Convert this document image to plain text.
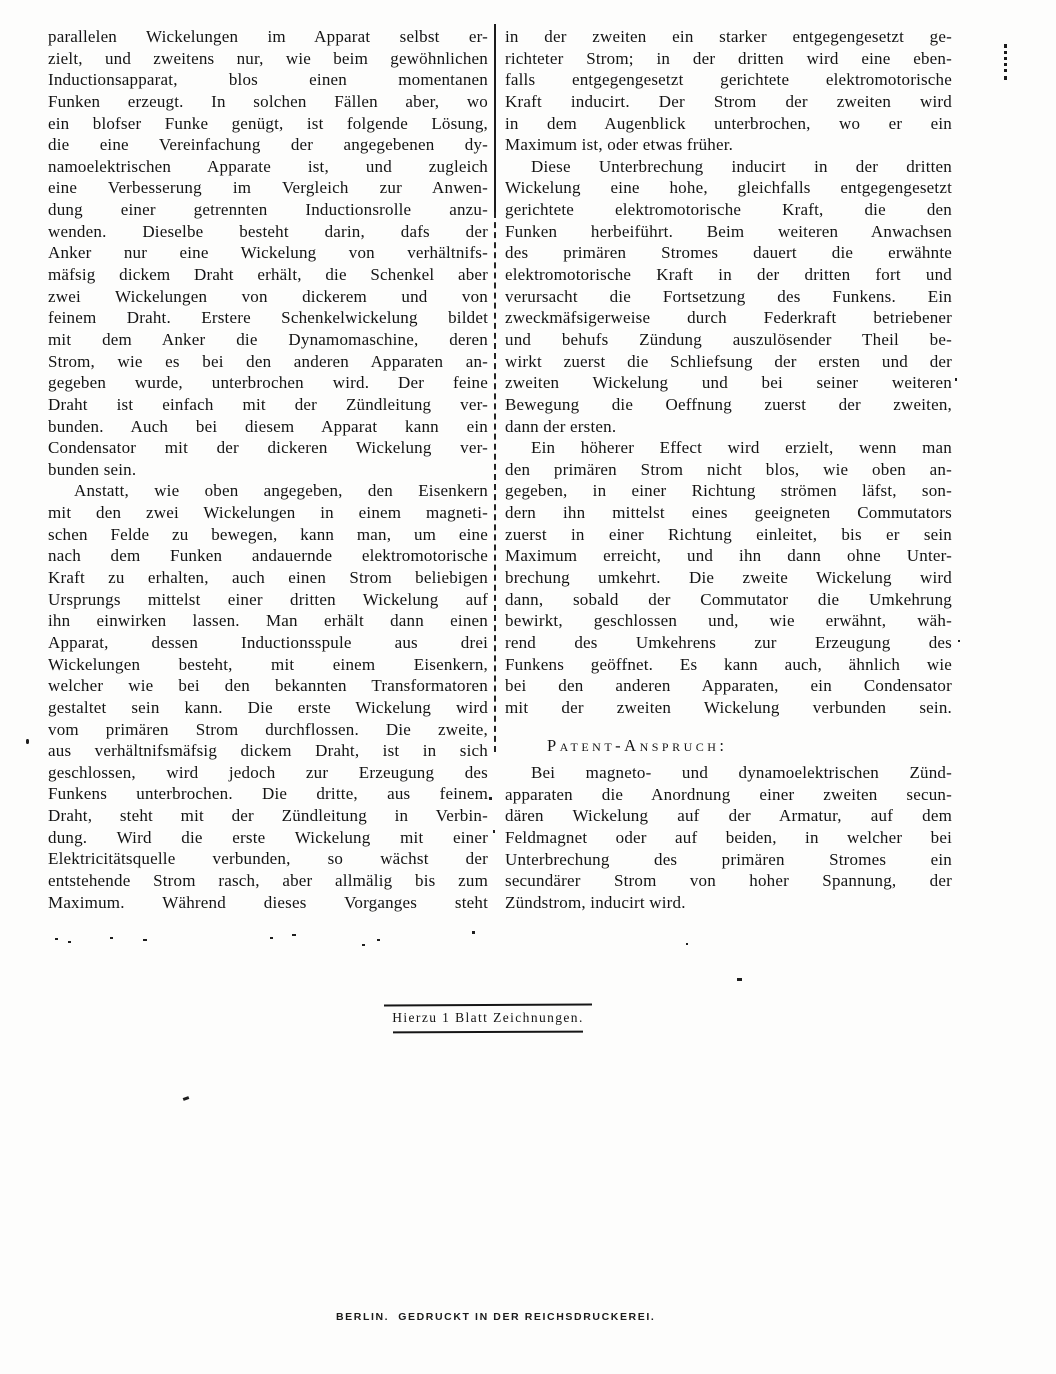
parallelen Wickelungen im Apparat selbst er-
zielt, und zweitens nur, wie beim gewöhnlichen
Inductionsapparat, blos einen momentanen
Funken erzeugt. In solchen Fällen aber, wo
ein blofser Funke genügt, ist folgende Lösung,
die eine Vereinfachung der angegebenen dy-
namoelektrischen Apparate ist, und zugleich
eine Verbesserung im Vergleich zur Anwen-
dung einer getrennten Inductionsrolle anzu-
wenden. Dieselbe besteht darin, dafs der
Anker nur eine Wickelung von verhältnifs-
mäfsig dickem Draht erhält, die Schenkel aber
zwei Wickelungen von dickerem und von
feinem Draht. Erstere Schenkelwickelung bildet
mit dem Anker die Dynamomaschine, deren
Strom, wie es bei den anderen Apparaten an-
gegeben wurde, unterbrochen wird. Der feine
Draht ist einfach mit der Zündleitung ver-
bunden. Auch bei diesem Apparat kann ein
Condensator mit der dickeren Wickelung ver-
bunden sein.
Anstatt, wie oben angegeben, den Eisenkern
mit den zwei Wickelungen in einem magneti-
schen Felde zu bewegen, kann man, um eine
nach dem Funken andauernde elektromotorische
Kraft zu erhalten, auch einen Strom beliebigen
Ursprungs mittelst einer dritten Wickelung auf
ihn einwirken lassen. Man erhält dann einen
Apparat, dessen Inductionsspule aus drei
Wickelungen besteht, mit einem Eisenkern,
welcher wie bei den bekannten Transformatoren
gestaltet sein kann. Die erste Wickelung wird
vom primären Strom durchflossen. Die zweite,
aus verhältnifsmäfsig dickem Draht, ist in sich
geschlossen, wird jedoch zur Erzeugung des
Funkens unterbrochen. Die dritte, aus feinem
Draht, steht mit der Zündleitung in Verbin-
dung. Wird die erste Wickelung mit einer
Elektricitätsquelle verbunden, so wächst der
entstehende Strom rasch, aber allmälig bis zum
Maximum. Während dieses Vorganges steht
in der zweiten ein starker entgegengesetzt ge-
richteter Strom; in der dritten wird eine eben-
falls entgegengesetzt gerichtete elektromotorische
Kraft inducirt. Der Strom der zweiten wird
in dem Augenblick unterbrochen, wo er ein
Maximum ist, oder etwas früher.
Diese Unterbrechung inducirt in der dritten
Wickelung eine hohe, gleichfalls entgegengesetzt
gerichtete elektromotorische Kraft, die den
Funken herbeiführt. Beim weiteren Anwachsen
des primären Stromes dauert die erwähnte
elektromotorische Kraft in der dritten fort und
verursacht die Fortsetzung des Funkens. Ein
zweckmäfsigerweise durch Federkraft betriebener
und behufs Zündung auszulösender Theil be-
wirkt zuerst die Schliefsung der ersten und der
zweiten Wickelung und bei seiner weiteren
Bewegung die Oeffnung zuerst der zweiten,
dann der ersten.
Ein höherer Effect wird erzielt, wenn man
den primären Strom nicht blos, wie oben an-
gegeben, in einer Richtung strömen läfst, son-
dern ihn mittelst eines geeigneten Commutators
zuerst in einer Richtung einleitet, bis er sein
Maximum erreicht, und ihn dann ohne Unter-
brechung umkehrt. Die zweite Wickelung wird
dann, sobald der Commutator die Umkehrung
bewirkt, geschlossen und, wie erwähnt, wäh-
rend des Umkehrens zur Erzeugung des
Funkens geöffnet. Es kann auch, ähnlich wie
bei den anderen Apparaten, ein Condensator
mit der zweiten Wickelung verbunden sein.
Patent-Anspruch:
Bei magneto- und dynamoelektrischen Zünd-
apparaten die Anordnung einer zweiten secun-
dären Wickelung auf der Armatur, auf dem
Feldmagnet oder auf beiden, in welcher bei
Unterbrechung des primären Stromes ein
secundärer Strom von hoher Spannung, der
Zündstrom, inducirt wird.
Hierzu 1 Blatt Zeichnungen.
BERLIN.  GEDRUCKT IN DER REICHSDRUCKEREI.
